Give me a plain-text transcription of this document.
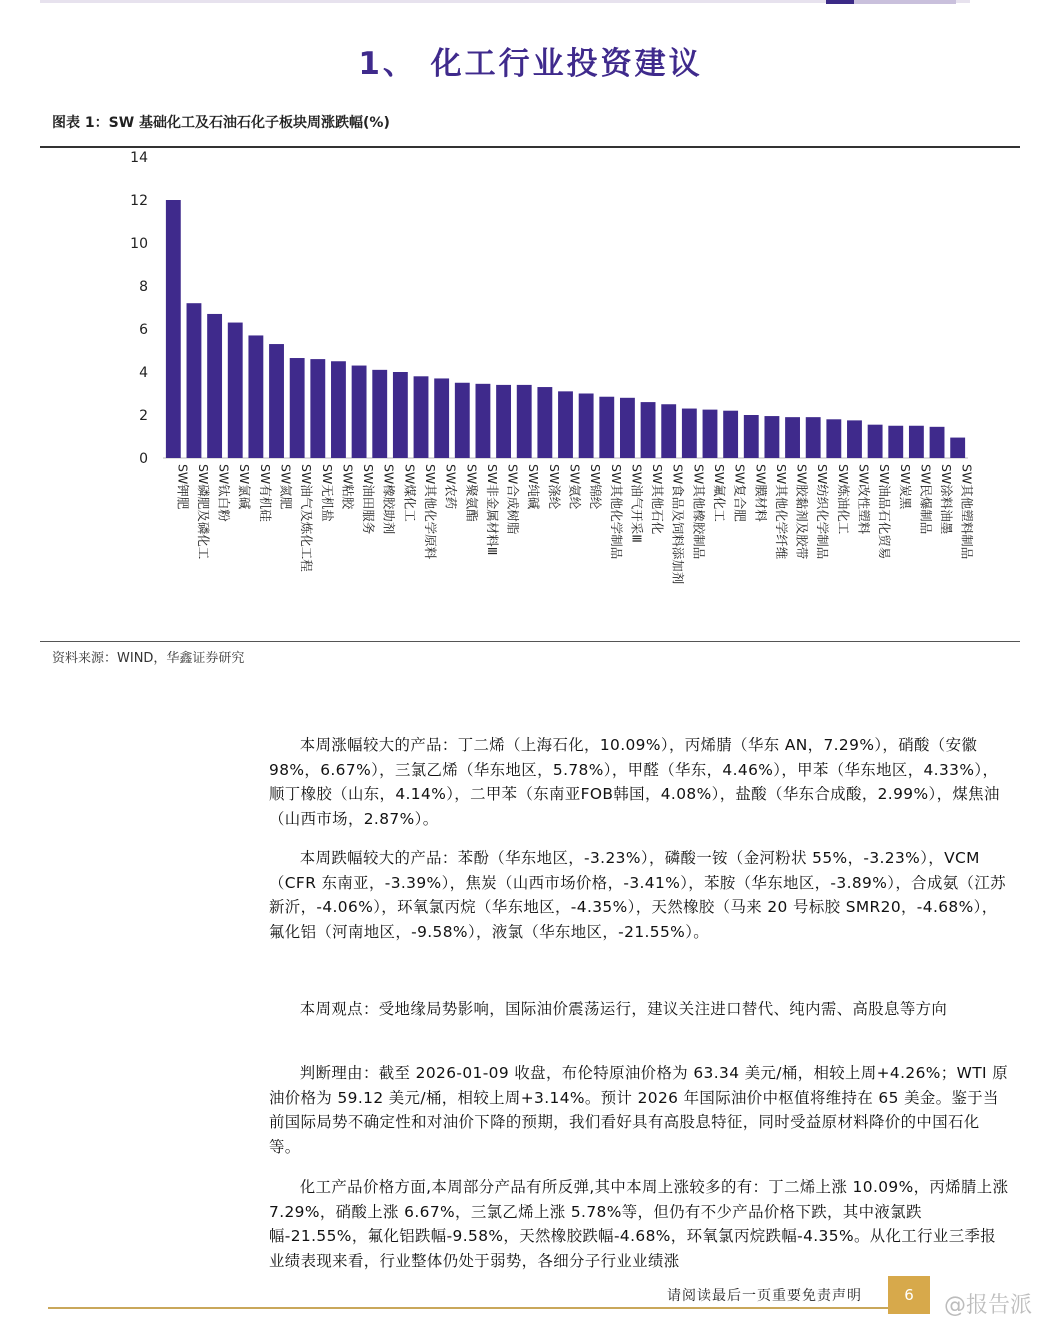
1、 化工行业投资建议
图表 1：SW 基础化工及石油石化子板块周涨跌幅(%)
0
2
4
6
8
10
12
14
SW钾肥 SW磷肥及磷化工 SW钛白粉 SW氯碱 SW有机硅 SW氮肥 SW油气及炼化工程 SW无机盐 SW粘胶 SW油田服务 SW橡胶助剂 SW煤化工 SW其他化学原料 SW农药 SW聚氨酯 SW非金属材料Ⅲ SW合成树脂 SW纯碱 SW涤纶 SW氨纶 SW锦纶 SW其他化学制品 SW油气开采Ⅲ SW其他石化 SW食品及饲料添加剂 SW其他橡胶制品 SW氟化工 SW复合肥 SW膜材料 SW其他化学纤维 SW胶黏剂及胶带 SW纺织化学制品 SW炼油化工 SW改性塑料 SW油品石化贸易 SW炭黑 SW民爆制品 SW涂料油墨 SW其他塑料制品
资料来源：WIND，华鑫证券研究

本周涨幅较大的产品：丁二烯（上海石化，10.09%），丙烯腈（华东 AN，7.29%），硝酸（安徽98%，6.67%），三氯乙烯（华东地区，5.78%），甲醛（华东，4.46%），甲苯（华东地区，4.33%），顺丁橡胶（山东，4.14%），二甲苯（东南亚FOB韩国，4.08%），盐酸（华东合成酸，2.99%），煤焦油（山西市场，2.87%）。

本周跌幅较大的产品：苯酚（华东地区，-3.23%），磷酸一铵（金河粉状 55%，-3.23%），VCM（CFR 东南亚，-3.39%），焦炭（山西市场价格，-3.41%），苯胺（华东地区，-3.89%），合成氨（江苏新沂，-4.06%），环氧氯丙烷（华东地区，-4.35%），天然橡胶（马来 20 号标胶 SMR20，-4.68%），氟化铝（河南地区，-9.58%），液氯（华东地区，-21.55%）。

本周观点：受地缘局势影响，国际油价震荡运行，建议关注进口替代、纯内需、高股息等方向

判断理由：截至 2026-01-09 收盘，布伦特原油价格为 63.34 美元/桶，相较上周+4.26%；WTI 原油价格为 59.12 美元/桶，相较上周+3.14%。预计 2026 年国际油价中枢值将维持在 65 美金。鉴于当前国际局势不确定性和对油价下降的预期，我们看好具有高股息特征，同时受益原材料降价的中国石化等。

化工产品价格方面,本周部分产品有所反弹,其中本周上涨较多的有：丁二烯上涨 10.09%，丙烯腈上涨 7.29%，硝酸上涨 6.67%，三氯乙烯上涨 5.78%等，但仍有不少产品价格下跌，其中液氯跌幅-21.55%，氟化铝跌幅-9.58%，天然橡胶跌幅-4.68%，环氧氯丙烷跌幅-4.35%。从化工行业三季报业绩表现来看，行业整体仍处于弱势，各细分子行业业绩涨

请阅读最后一页重要免责声明	6	@报告派
